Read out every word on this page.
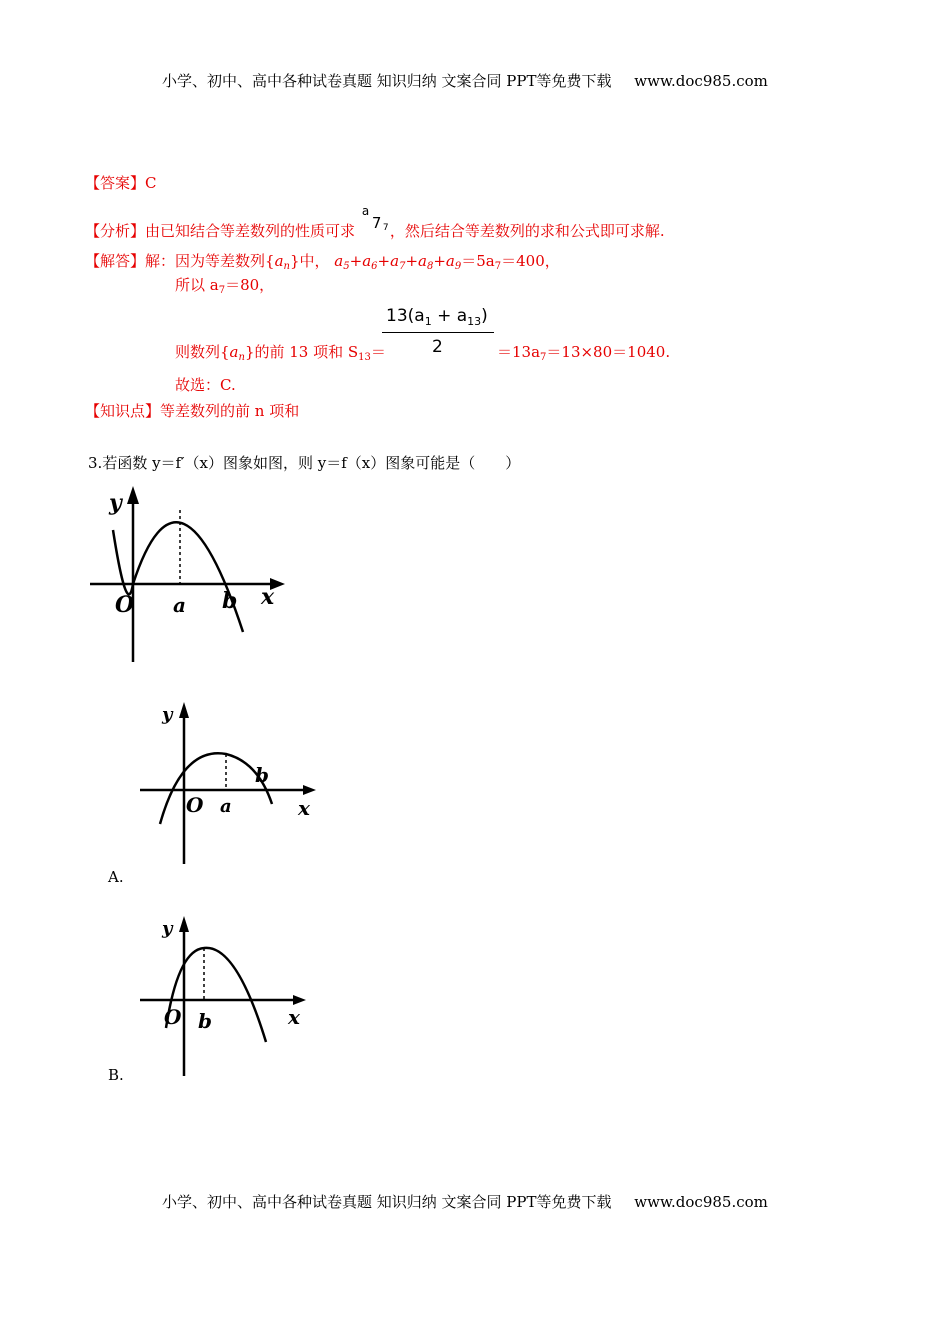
小学、初中、高中各种试卷真题 知识归纳 文案合同 PPT等免费下载 www.doc985.com
【答案】C
【分析】由已知结合等差数列的性质可求
a
7 7 ，然后结合等差数列的求和公式即可求解.
【解答】解：因为等差数列$\{a_n\}$中， $a_5+a_6+a_7+a_8+a_9=5a_7=400$，
所以 $a_7=80$，
$13(a_1 + a_{13})$
2
则数列$\{a_n\}$的前 13 项和 $S_{13}=$	$=13a_7=13\times 80=1040$.
故选：C.
【知识点】等差数列的前 n 项和
3.若函数 y＝f′（x）图象如图，则 y＝f（x）图象可能是（　　）
y
O a b x
y
O a
b
x
A.
y
O b	x
B.
小学、初中、高中各种试卷真题 知识归纳 文案合同 PPT等免费下载 www.doc985.com
